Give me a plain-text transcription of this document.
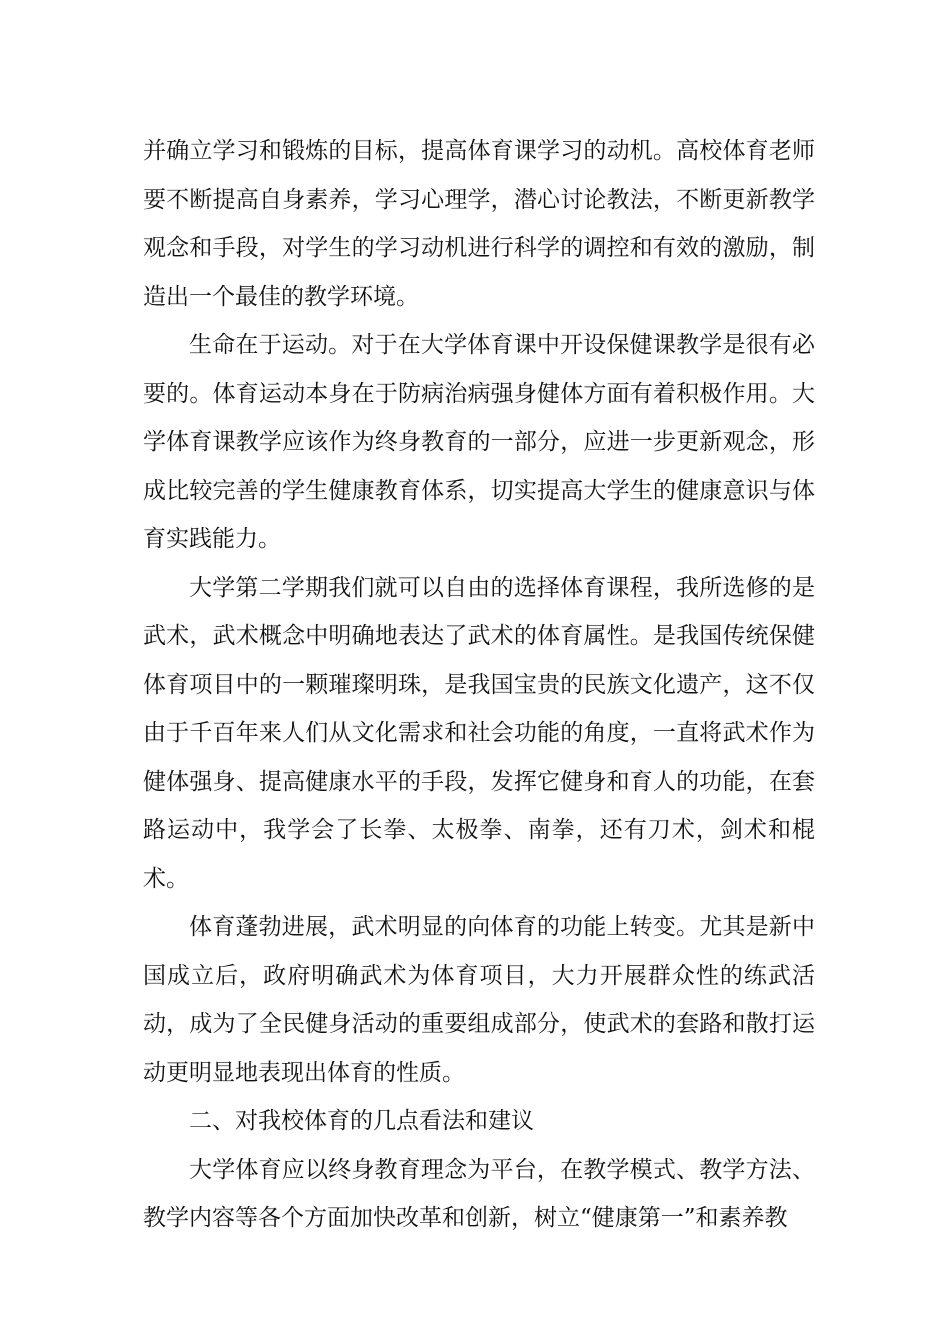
并确立学习和锻炼的目标，提高体育课学习的动机。高校体育老师要不断提高自身素养，学习心理学，潜心讨论教法，不断更新教学观念和手段，对学生的学习动机进行科学的调控和有效的激励，制造出一个最佳的教学环境。

生命在于运动。对于在大学体育课中开设保健课教学是很有必要的。体育运动本身在于防病治病强身健体方面有着积极作用。大学体育课教学应该作为终身教育的一部分，应进一步更新观念，形成比较完善的学生健康教育体系，切实提高大学生的健康意识与体育实践能力。

大学第二学期我们就可以自由的选择体育课程，我所选修的是武术，武术概念中明确地表达了武术的体育属性。是我国传统保健体育项目中的一颗璀璨明珠，是我国宝贵的民族文化遗产，这不仅由于千百年来人们从文化需求和社会功能的角度，一直将武术作为健体强身、提高健康水平的手段，发挥它健身和育人的功能，在套路运动中，我学会了长拳、太极拳、南拳，还有刀术，剑术和棍术。

体育蓬勃进展，武术明显的向体育的功能上转变。尤其是新中国成立后，政府明确武术为体育项目，大力开展群众性的练武活动，成为了全民健身活动的重要组成部分，使武术的套路和散打运动更明显地表现出体育的性质。

二、对我校体育的几点看法和建议

大学体育应以终身教育理念为平台，在教学模式、教学方法、教学内容等各个方面加快改革和创新，树立“健康第一”和素养教
